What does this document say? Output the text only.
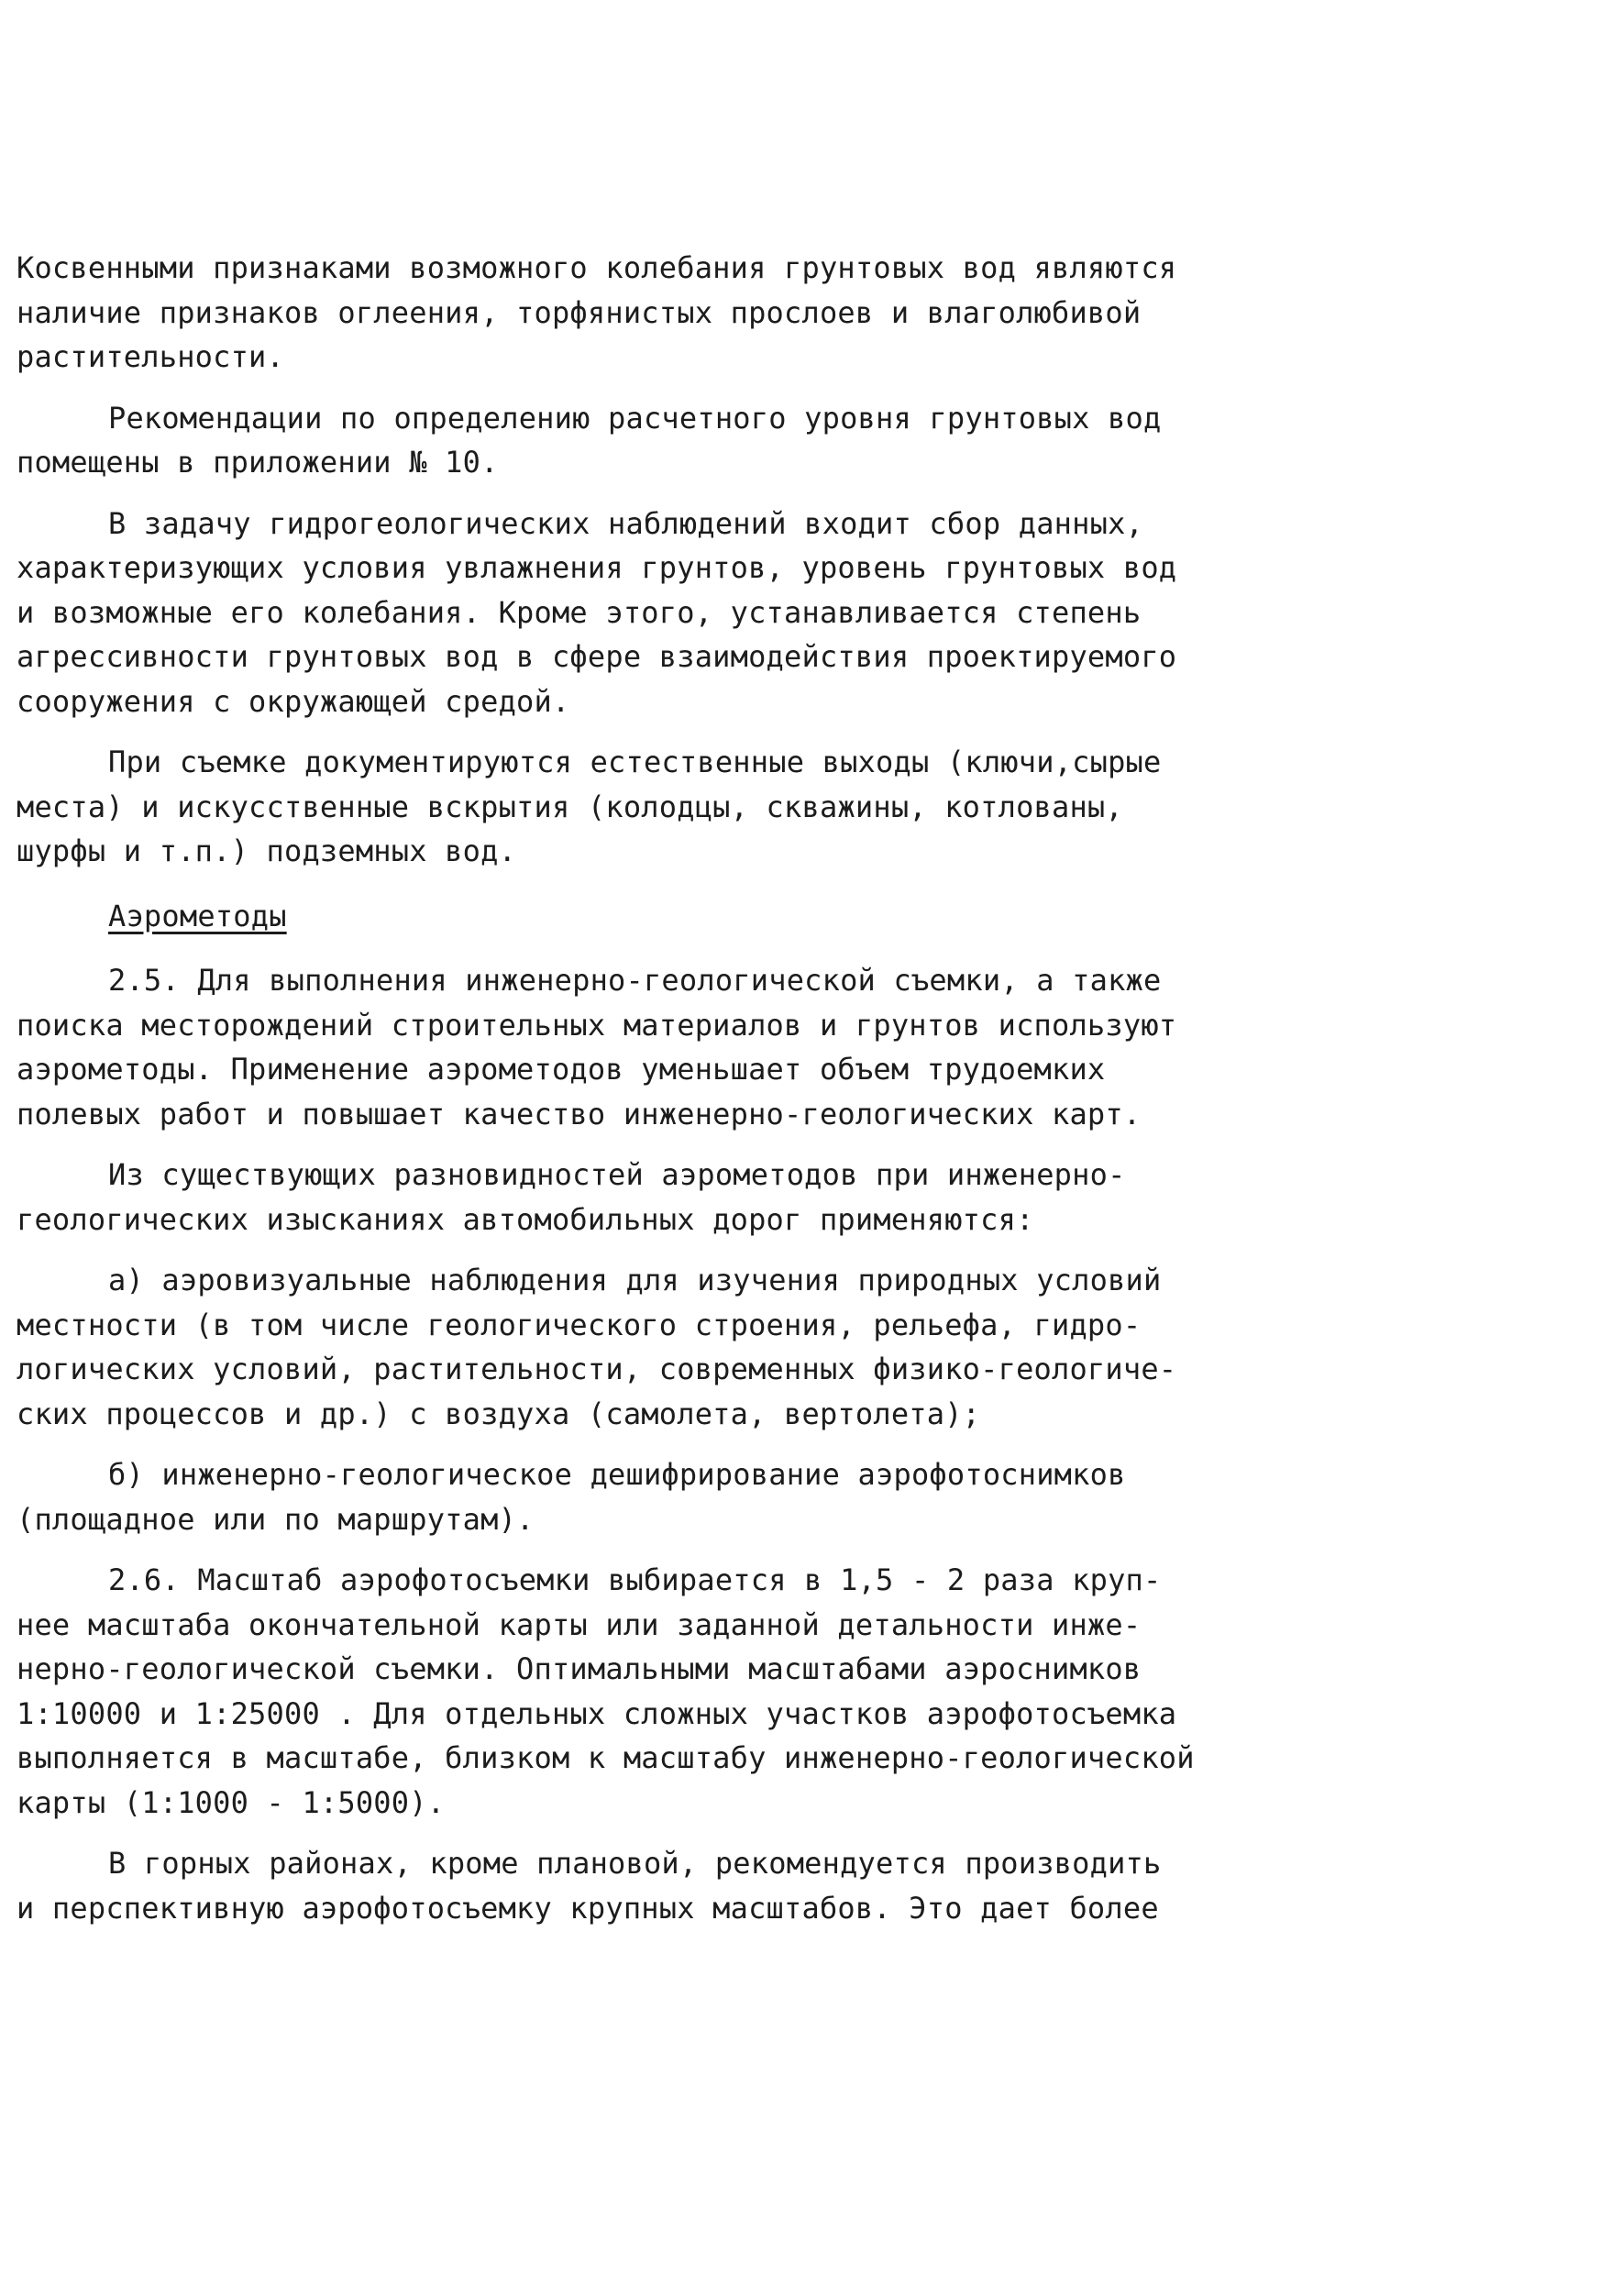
Косвенными признаками возможного колебания грунтовых вод являются
наличие признаков оглеения, торфянистых прослоев и влаголюбивой
растительности.
Рекомендации по определению расчетного уровня грунтовых вод
помещены в приложении № 10.
В задачу гидрогеологических наблюдений входит сбор данных,
характеризующих условия увлажнения грунтов, уровень грунтовых вод
и возможные его колебания. Кроме этого, устанавливается степень
агрессивности грунтовых вод в сфере взаимодействия проектируемого
сооружения с окружающей средой.
При съемке документируются естественные выходы (ключи,сырые
места) и искусственные вскрытия (колодцы, скважины, котлованы,
шурфы и т.п.) подземных вод.
Аэрометоды
2.5. Для выполнения инженерно-геологической съемки, а также
поиска месторождений строительных материалов и грунтов используют
аэрометоды. Применение аэрометодов уменьшает объем трудоемких
полевых работ и повышает качество инженерно-геологических карт.
Из существующих разновидностей аэрометодов при инженерно-
геологических изысканиях автомобильных дорог применяются:
а) аэровизуальные наблюдения для изучения природных условий
местности (в том числе геологического строения, рельефа, гидро-
логических условий, растительности, современных физико-геологиче-
ских процессов и др.) с воздуха (самолета, вертолета);
б) инженерно-геологическое дешифрирование аэрофотоснимков
(площадное или по маршрутам).
2.6. Масштаб аэрофотосъемки выбирается в 1,5 - 2 раза круп-
нее масштаба окончательной карты или заданной детальности инже-
нерно-геологической съемки. Оптимальными масштабами аэроснимков
1:10000 и 1:25000 . Для отдельных сложных участков аэрофотосъемка
выполняется в масштабе, близком к масштабу инженерно-геологической
карты (1:1000 - 1:5000).
В горных районах, кроме плановой, рекомендуется производить
и перспективную аэрофотосъемку крупных масштабов. Это дает более
